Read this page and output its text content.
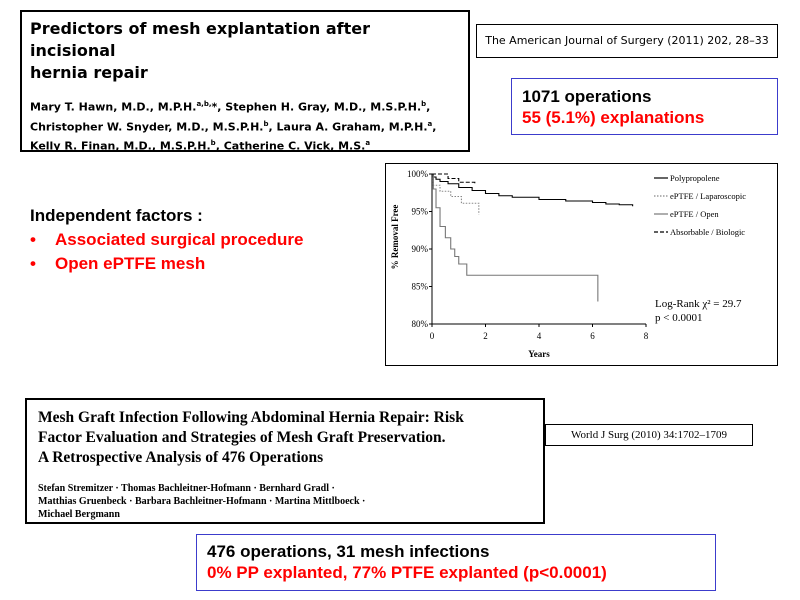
Predictors of mesh explantation after incisional
hernia repair
Mary T. Hawn, M.D., M.P.H.$^{a,b,}$*, Stephen H. Gray, M.D., M.S.P.H.$^b$,
Christopher W. Snyder, M.D., M.S.P.H.$^b$, Laura A. Graham, M.P.H.$^a$,
Kelly R. Finan, M.D., M.S.P.H.$^b$, Catherine C. Vick, M.S.$^a$
The American Journal of Surgery (2011) 202, 28–33
1071 operations
55 (5.1%) explanations
Independent factors :
• Associated surgical procedure
• Open ePTFE mesh
80%
85%
90%
95%
100%
0	2	4	6	8
% Removal Free
Years
Polypropolene
ePTFE / Laparoscopic
ePTFE / Open
Absorbable / Biologic
Log-Rank χ² = 29.7
p < 0.0001
Mesh Graft Infection Following Abdominal Hernia Repair: Risk
Factor Evaluation and Strategies of Mesh Graft Preservation.
A Retrospective Analysis of 476 Operations
Stefan Stremitzer · Thomas Bachleitner-Hofmann · Bernhard Gradl ·
Matthias Gruenbeck · Barbara Bachleitner-Hofmann · Martina Mittlboeck ·
Michael Bergmann
World J Surg (2010) 34:1702–1709
476 operations, 31 mesh infections
0% PP explanted, 77% PTFE explanted (p<0.0001)
